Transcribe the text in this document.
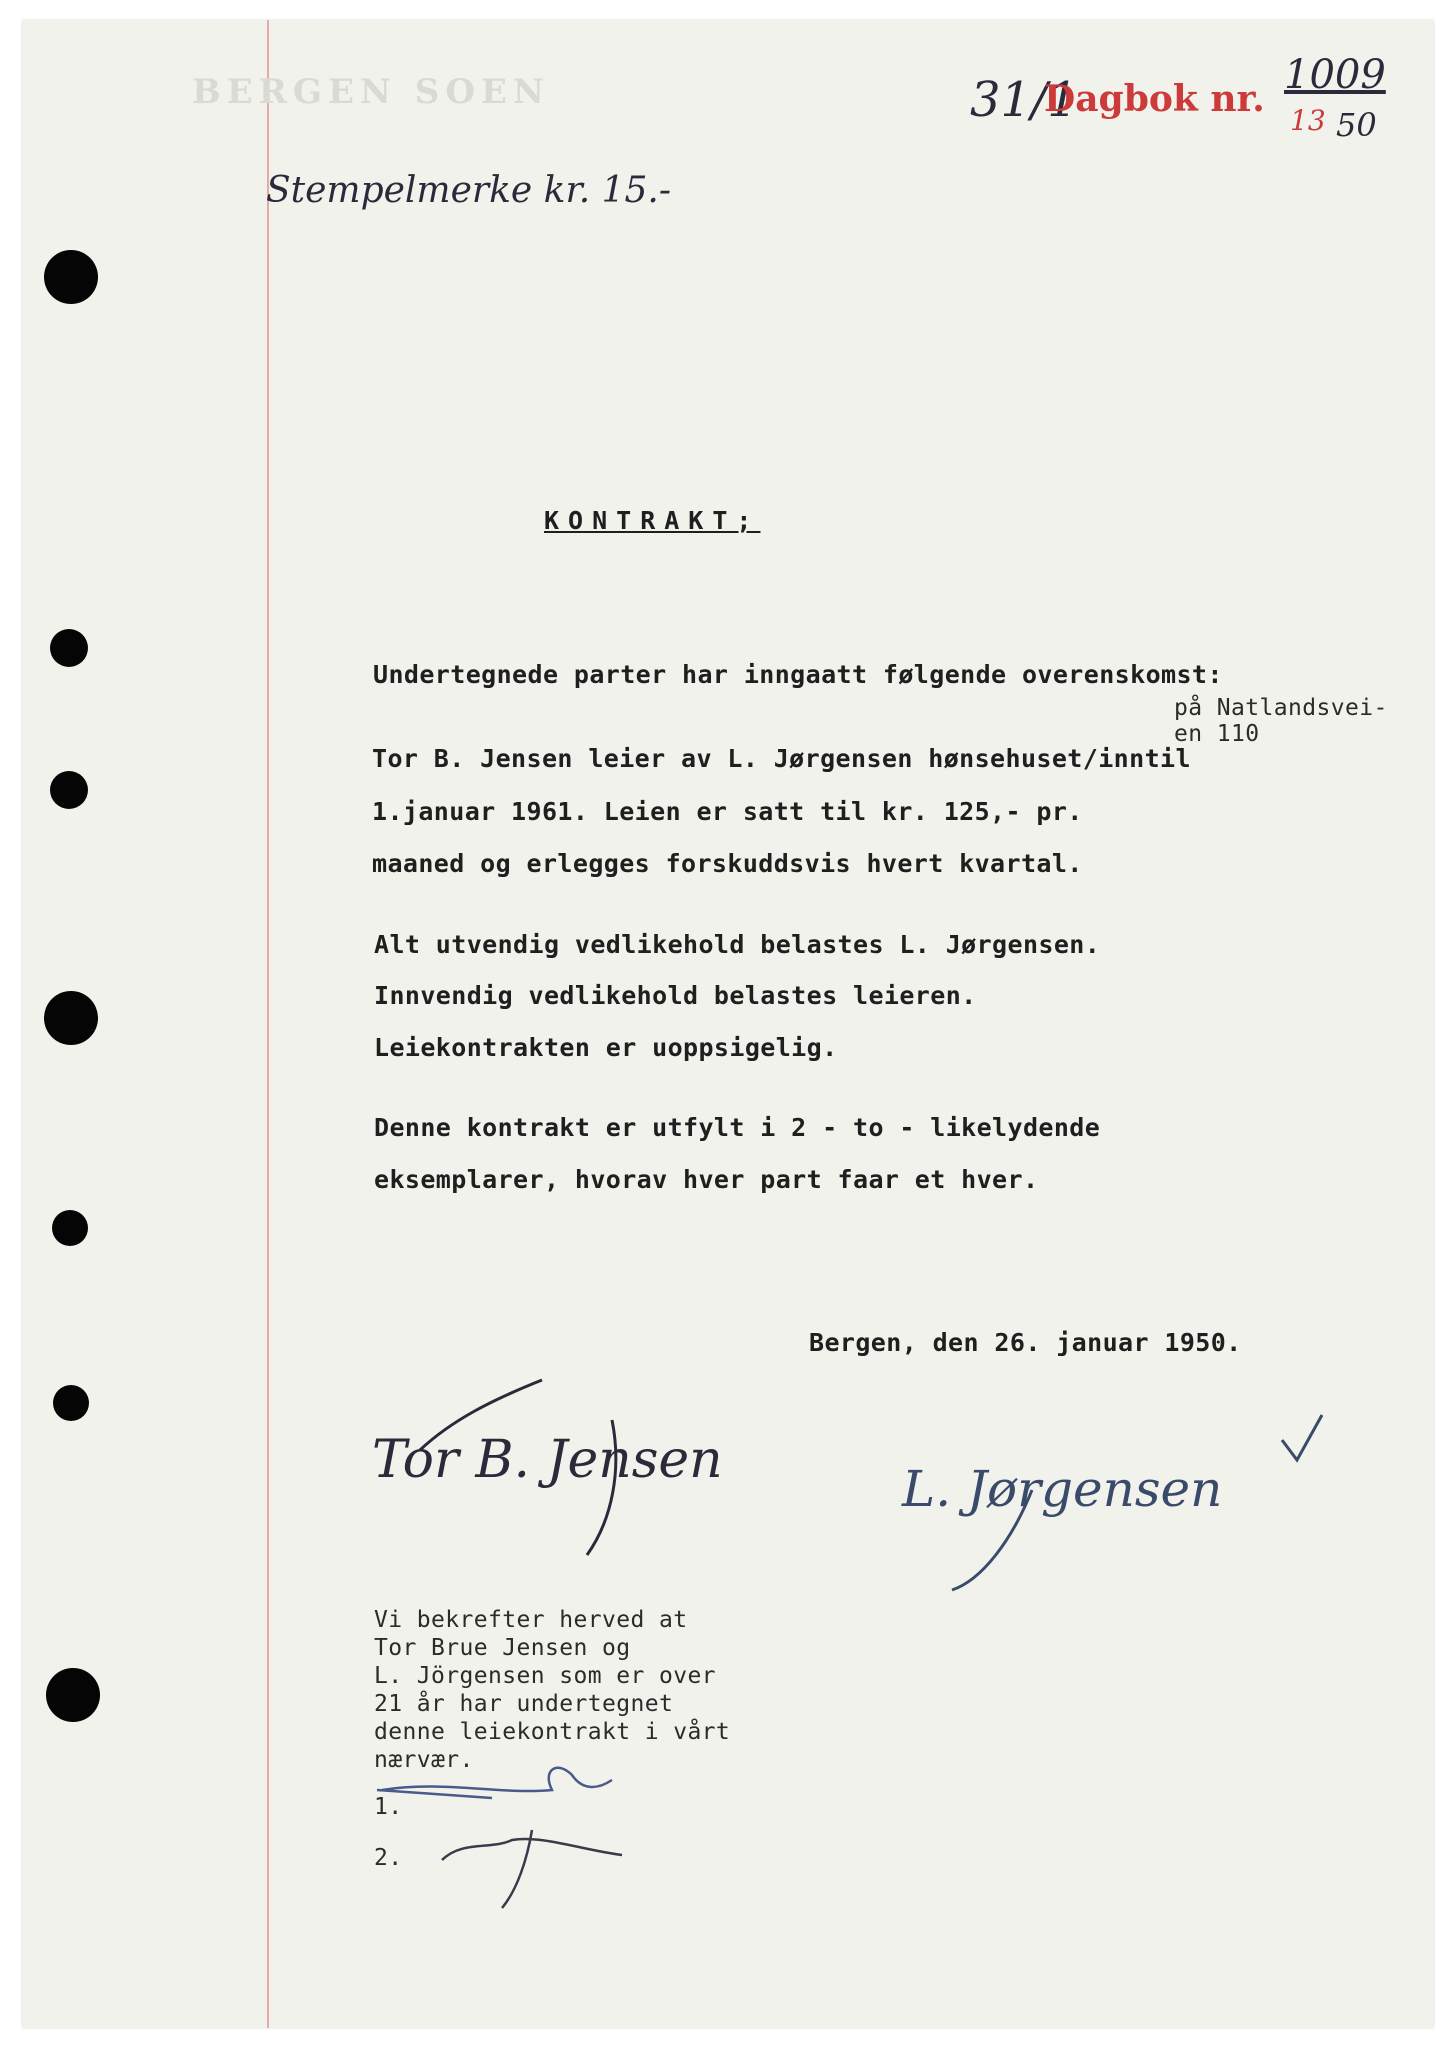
BERGEN SOEN	31/1
Dagbok nr.
1009
13 50
Stempelmerke kr. 15.-
KONTRAKT;
Undertegnede parter har inngaatt følgende overenskomst:
på Natlandsvei-
en 110
Tor B. Jensen leier av L. Jørgensen hønsehuset/inntil
1.januar 1961. Leien er satt til kr. 125,- pr.
maaned og erlegges forskuddsvis hvert kvartal.
Alt utvendig vedlikehold belastes L. Jørgensen.
Innvendig vedlikehold belastes leieren.
Leiekontrakten er uoppsigelig.
Denne kontrakt er utfylt i 2 - to - likelydende
eksemplarer, hvorav hver part faar et hver.
Bergen, den 26. januar 1950.
Tor B. Jensen	L. Jørgensen
Vi bekrefter herved at
Tor Brue Jensen og
L. Jörgensen som er over
21 år har undertegnet
denne leiekontrakt i vårt
nærvær.
1.
2.
